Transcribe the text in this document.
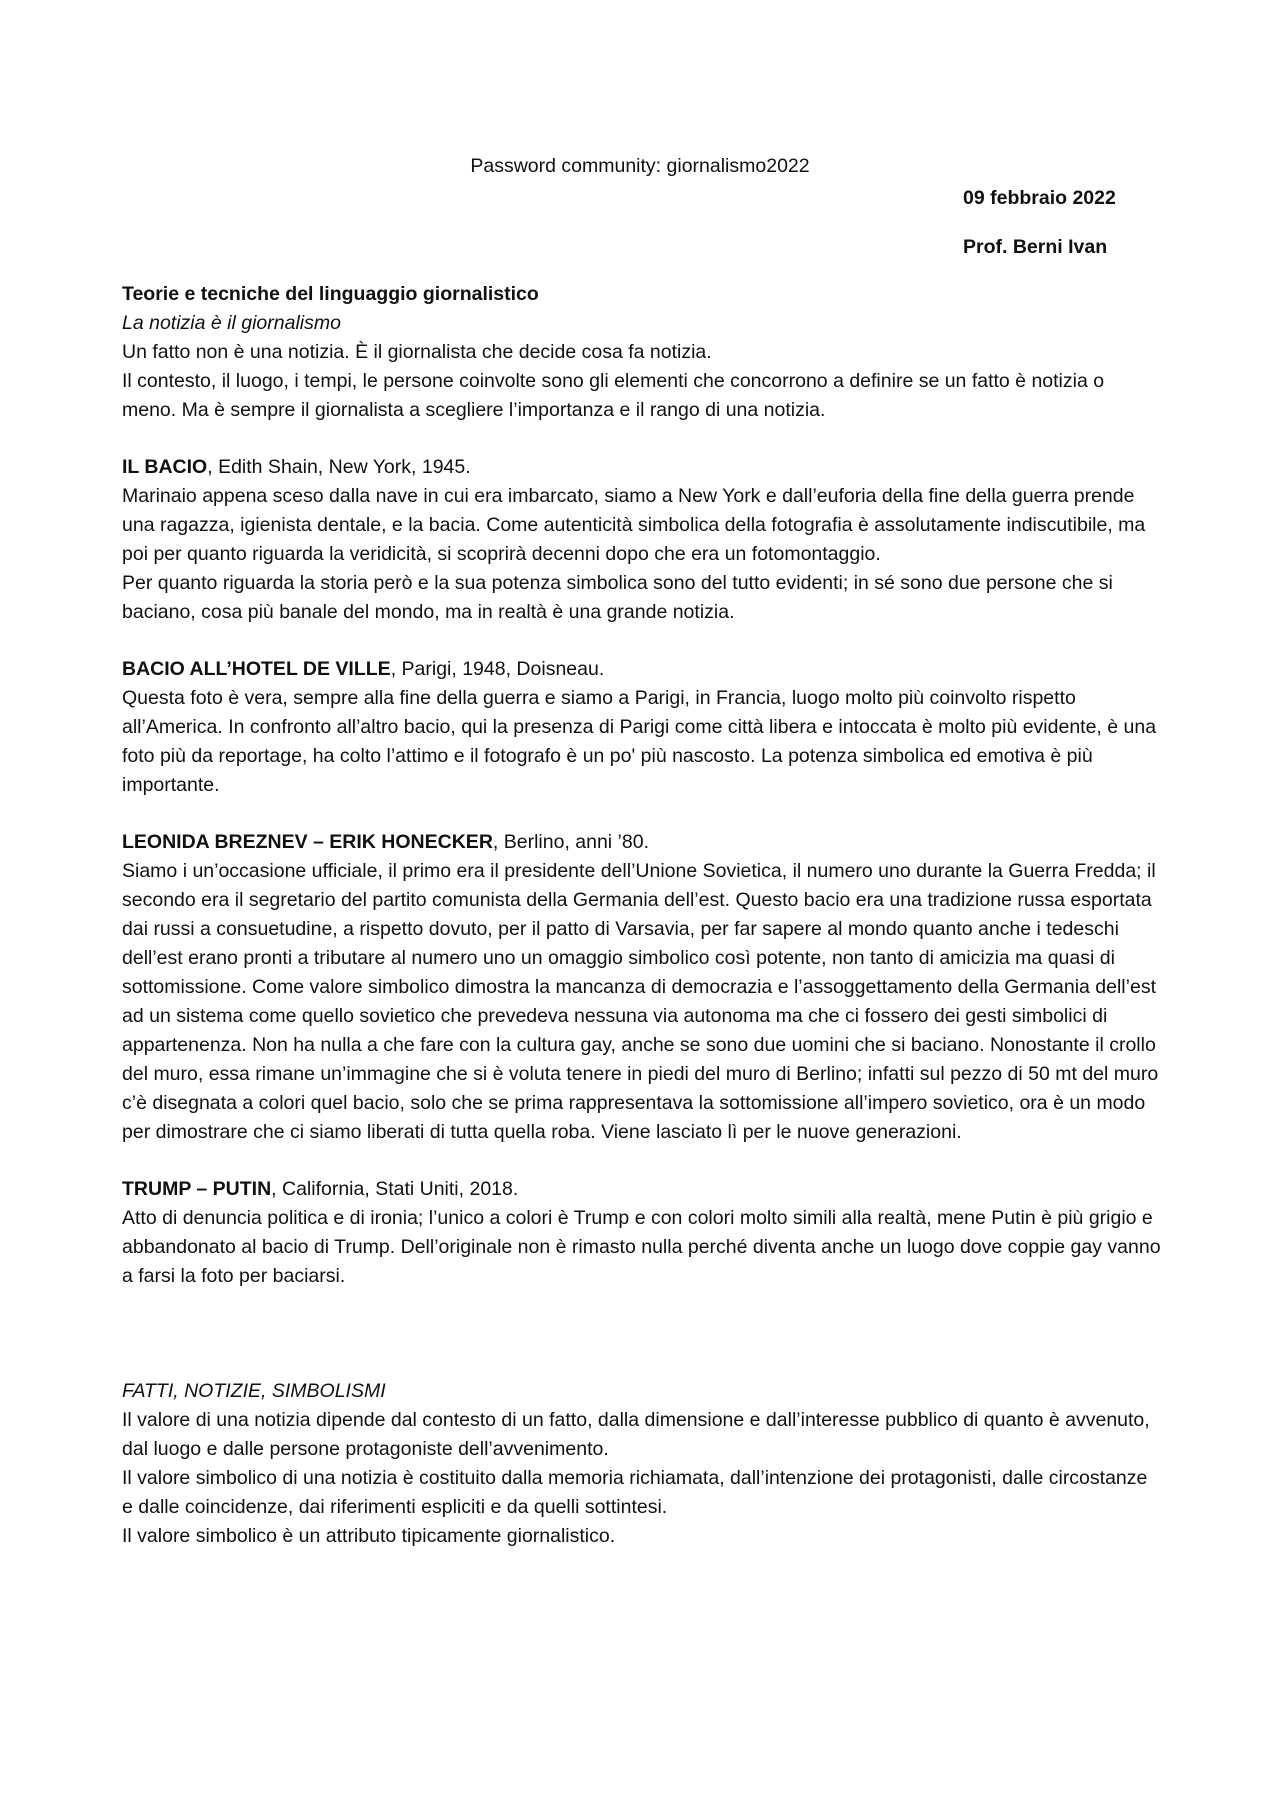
Password community: giornalismo2022

09 febbraio 2022

Prof. Berni Ivan

Teorie e tecniche del linguaggio giornalistico

La notizia è il giornalismo

Un fatto non è una notizia. È il giornalista che decide cosa fa notizia.

Il contesto, il luogo, i tempi, le persone coinvolte sono gli elementi che concorrono a definire se un fatto è notizia o meno. Ma è sempre il giornalista a scegliere l’importanza e il rango di una notizia.

IL BACIO, Edith Shain, New York, 1945.

Marinaio appena sceso dalla nave in cui era imbarcato, siamo a New York e dall’euforia della fine della guerra prende una ragazza, igienista dentale, e la bacia. Come autenticità simbolica della fotografia è assolutamente indiscutibile, ma poi per quanto riguarda la veridicità, si scoprirà decenni dopo che era un fotomontaggio.

Per quanto riguarda la storia però e la sua potenza simbolica sono del tutto evidenti; in sé sono due persone che si baciano, cosa più banale del mondo, ma in realtà è una grande notizia.

BACIO ALL’HOTEL DE VILLE, Parigi, 1948, Doisneau.

Questa foto è vera, sempre alla fine della guerra e siamo a Parigi, in Francia, luogo molto più coinvolto rispetto all’America. In confronto all’altro bacio, qui la presenza di Parigi come città libera e intoccata è molto più evidente, è una foto più da reportage, ha colto l’attimo e il fotografo è un po' più nascosto. La potenza simbolica ed emotiva è più importante.

LEONIDA BREZNEV – ERIK HONECKER, Berlino, anni ’80.

Siamo i un’occasione ufficiale, il primo era il presidente dell’Unione Sovietica, il numero uno durante la Guerra Fredda; il secondo era il segretario del partito comunista della Germania dell’est. Questo bacio era una tradizione russa esportata dai russi a consuetudine, a rispetto dovuto, per il patto di Varsavia, per far sapere al mondo quanto anche i tedeschi dell’est erano pronti a tributare al numero uno un omaggio simbolico così potente, non tanto di amicizia ma quasi di sottomissione. Come valore simbolico dimostra la mancanza di democrazia e l’assoggettamento della Germania dell’est ad un sistema come quello sovietico che prevedeva nessuna via autonoma ma che ci fossero dei gesti simbolici di appartenenza. Non ha nulla a che fare con la cultura gay, anche se sono due uomini che si baciano. Nonostante il crollo del muro, essa rimane un’immagine che si è voluta tenere in piedi del muro di Berlino; infatti sul pezzo di 50 mt del muro c’è disegnata a colori quel bacio, solo che se prima rappresentava la sottomissione all’impero sovietico, ora è un modo per dimostrare che ci siamo liberati di tutta quella roba. Viene lasciato lì per le nuove generazioni.

TRUMP – PUTIN, California, Stati Uniti, 2018.

Atto di denuncia politica e di ironia; l’unico a colori è Trump e con colori molto simili alla realtà, mene Putin è più grigio e abbandonato al bacio di Trump. Dell’originale non è rimasto nulla perché diventa anche un luogo dove coppie gay vanno a farsi la foto per baciarsi.

FATTI, NOTIZIE, SIMBOLISMI

Il valore di una notizia dipende dal contesto di un fatto, dalla dimensione e dall’interesse pubblico di quanto è avvenuto, dal luogo e dalle persone protagoniste dell’avvenimento.

Il valore simbolico di una notizia è costituito dalla memoria richiamata, dall’intenzione dei protagonisti, dalle circostanze e dalle coincidenze, dai riferimenti espliciti e da quelli sottintesi.

Il valore simbolico è un attributo tipicamente giornalistico.
